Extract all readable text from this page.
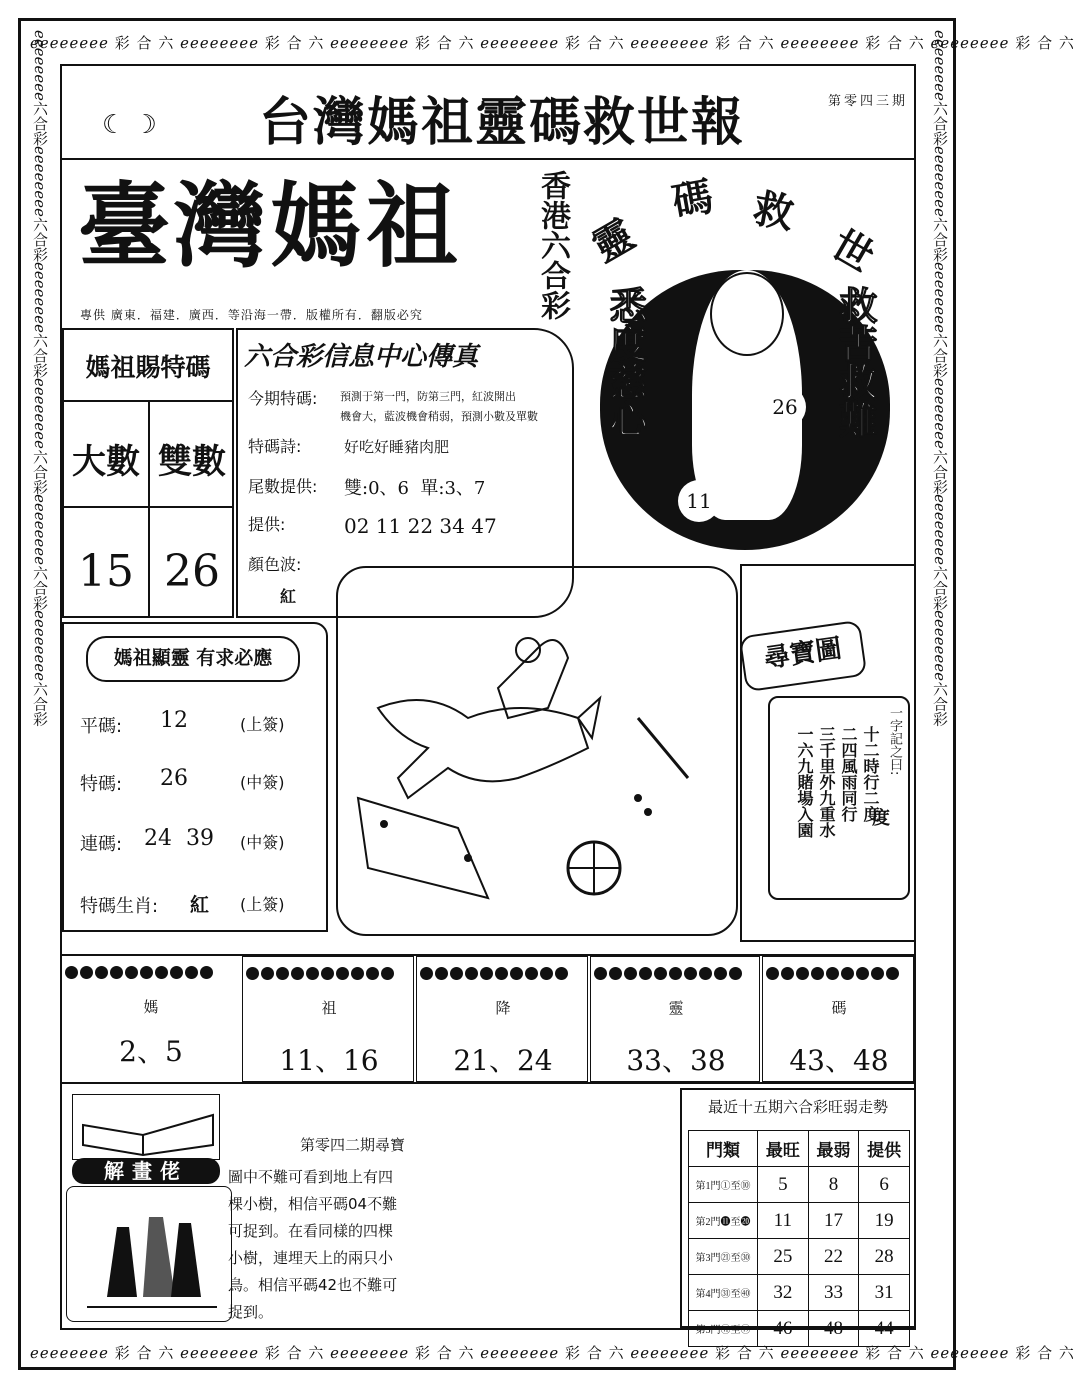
ℯℯℯℯℯℯℯℯ 彩 合 六 ℯℯℯℯℯℯℯℯ 彩 合 六 ℯℯℯℯℯℯℯℯ 彩 合 六 ℯℯℯℯℯℯℯℯ 彩 合 六 ℯℯℯℯℯℯℯℯ 彩 合 六 ℯℯℯℯℯℯℯℯ 彩 合 六 ℯℯℯℯℯℯℯℯ 彩 合 六
ℯℯℯℯℯℯℯℯ 彩 合 六 ℯℯℯℯℯℯℯℯ 彩 合 六 ℯℯℯℯℯℯℯℯ 彩 合 六 ℯℯℯℯℯℯℯℯ 彩 合 六 ℯℯℯℯℯℯℯℯ 彩 合 六 ℯℯℯℯℯℯℯℯ 彩 合 六 ℯℯℯℯℯℯℯℯ 彩 合 六
ℯℯℯℯℯℯℯℯ六合彩ℯℯℯℯℯℯℯℯ六合彩ℯℯℯℯℯℯℯℯ六合彩ℯℯℯℯℯℯℯℯ六合彩ℯℯℯℯℯℯℯℯ六合彩ℯℯℯℯℯℯℯℯ六合彩	ℯℯℯℯℯℯℯℯ六合彩ℯℯℯℯℯℯℯℯ六合彩ℯℯℯℯℯℯℯℯ六合彩ℯℯℯℯℯℯℯℯ六合彩ℯℯℯℯℯℯℯℯ六合彩ℯℯℯℯℯℯℯℯ六合彩
☾ ☽	台灣媽祖靈碼救世報	第零四三期
臺灣媽祖 香港六合彩
專供 廣東．福建．廣西．等沿海一帶．版權所有．翻版必究
靈
碼 救
世
悉度慈心	救苦救難
26
11
媽祖賜特碼
大數 雙數
15 26
六合彩信息中心傳真
今期特碼: 預測于第一門，防第三門，紅波開出
機會大，藍波機會稍弱，預測小數及單數
特碼詩:	好吃好睡豬肉肥
尾數提供: 雙:0、6  單:3、7
提供:	02 11 22 34 47
顏色波:
紅
尋寶圖
一字記之曰:
十二時行二度
二四風雨同行
三千里外九重水
一六九賭場入園	度
媽祖顯靈 有求必應
平碼: 12	(上簽)
特碼: 26	(中簽)
連碼: 24  39 (中簽)
特碼生肖: 紅 (上簽)
媽
2、5
祖
11、16
降
21、24
靈
33、38
碼
43、48
解畫佬
第零四二期尋寶
圖中不難可看到地上有四
棵小樹，相信平碼04不難
可捉到。在看同樣的四棵
小樹，連埋天上的兩只小
鳥。相信平碼42也不難可
捉到。
最近十五期六合彩旺弱走勢
門類	最旺	最弱	提供
第1門①至⑩	5	8	6
第2門⓫至⓴	11	17	19
第3門㉑至㉚	25	22	28
第4門㉛至㊵	32	33	31
第5門㊶至㊾	46	48	44
